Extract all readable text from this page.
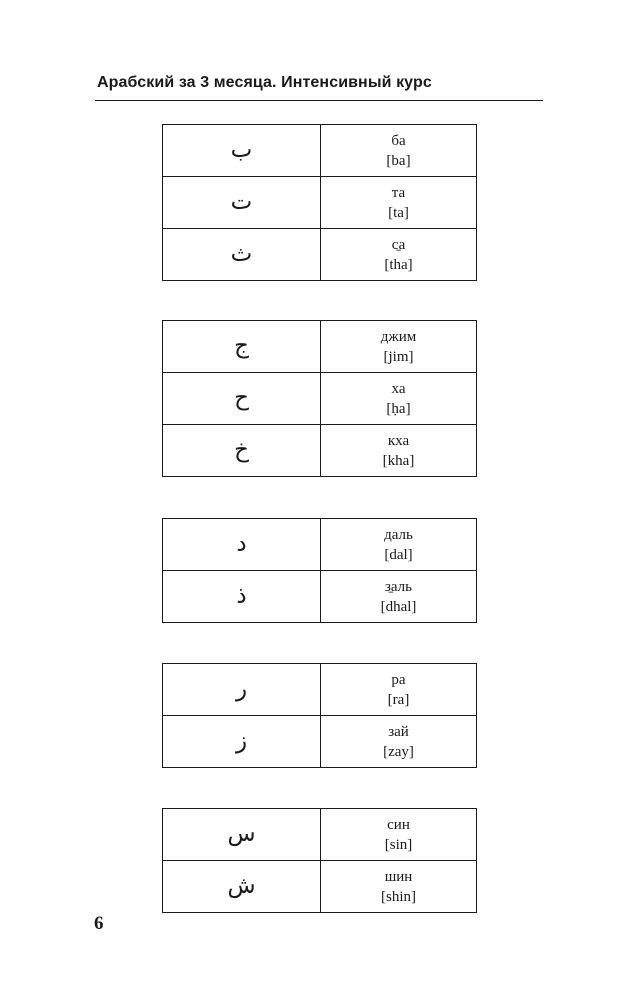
Арабский за 3 месяца. Интенсивный курс
ب	ба
[ba]

ت	та
[ta]

ث	с̱а
[tha]
ج	джим
[jim]

ح	ха
[ḥa]

خ	кха
[kha]
د	даль
[dal]

ذ	з̱аль
[dhal]
ر	ра
[ra]

ز	зай
[zay]
س	син
[sin]

ش	шин
[shin]
6
